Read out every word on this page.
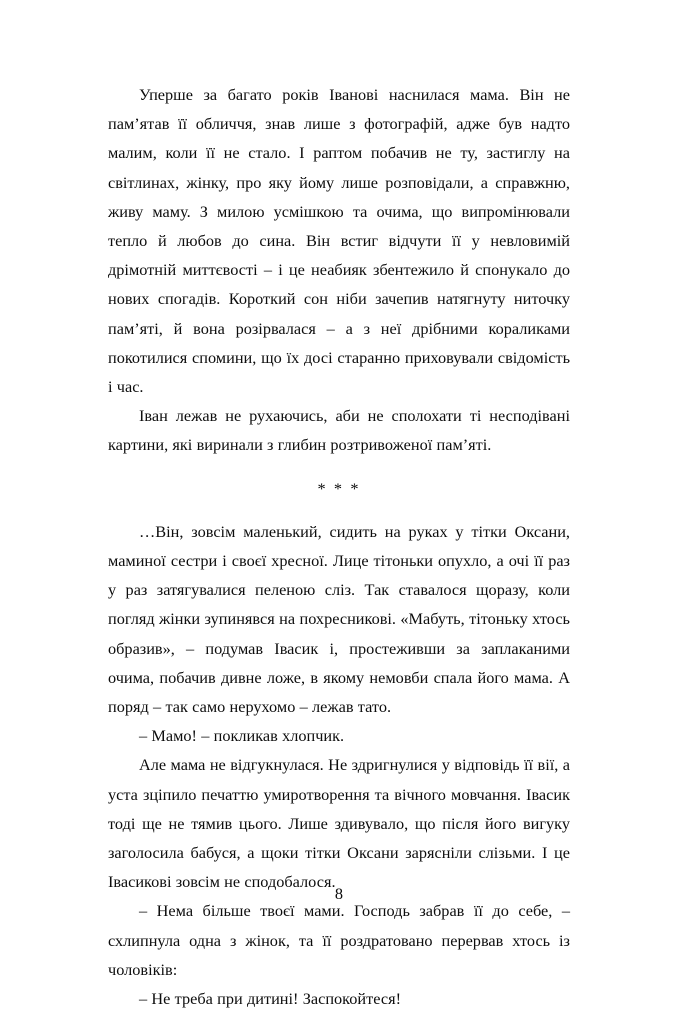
Уперше за багато років Іванові наснилася мама. Він не пам’ятав її обличчя, знав лише з фотографій, адже був надто малим, коли її не стало. І раптом побачив не ту, застиглу на світлинах, жінку, про яку йому лише розповідали, а справжню, живу маму. З милою усмішкою та очима, що випромінювали тепло й любов до сина. Він встиг відчути її у невловимій дрімотній миттєвості – і це неабияк збентежило й спонукало до нових спогадів. Короткий сон ніби зачепив натягнуту ниточку пам’яті, й вона розірвалася – а з неї дрібними кораликами покотилися спомини, що їх досі старанно приховували свідомість і час.

Іван лежав не рухаючись, аби не сполохати ті несподівані картини, які виринали з глибин розтривоженої пам’яті.

* * *

…Він, зовсім маленький, сидить на руках у тітки Оксани, маминої сестри і своєї хресної. Лице тітоньки опухло, а очі її раз у раз затягувалися пеленою сліз. Так ставалося щоразу, коли погляд жінки зупинявся на похресникові. «Мабуть, тітоньку хтось образив», – подумав Івасик і, простеживши за заплаканими очима, побачив дивне ложе, в якому немовби спала його мама. А поряд – так само нерухомо – лежав тато.

– Мамо! – покликав хлопчик.

Але мама не відгукнулася. Не здригнулися у відповідь її вії, а уста зціпило печаттю умиротворення та вічного мовчання. Івасик тоді ще не тямив цього. Лише здивувало, що після його вигуку заголосила бабуся, а щоки тітки Оксани зарясніли слізьми. І це Івасикові зовсім не сподобалося.

– Нема більше твоєї мами. Господь забрав її до себе, – схлипнула одна з жінок, та її роздратовано перервав хтось із чоловіків:

– Не треба при дитині! Заспокойтеся!

8
